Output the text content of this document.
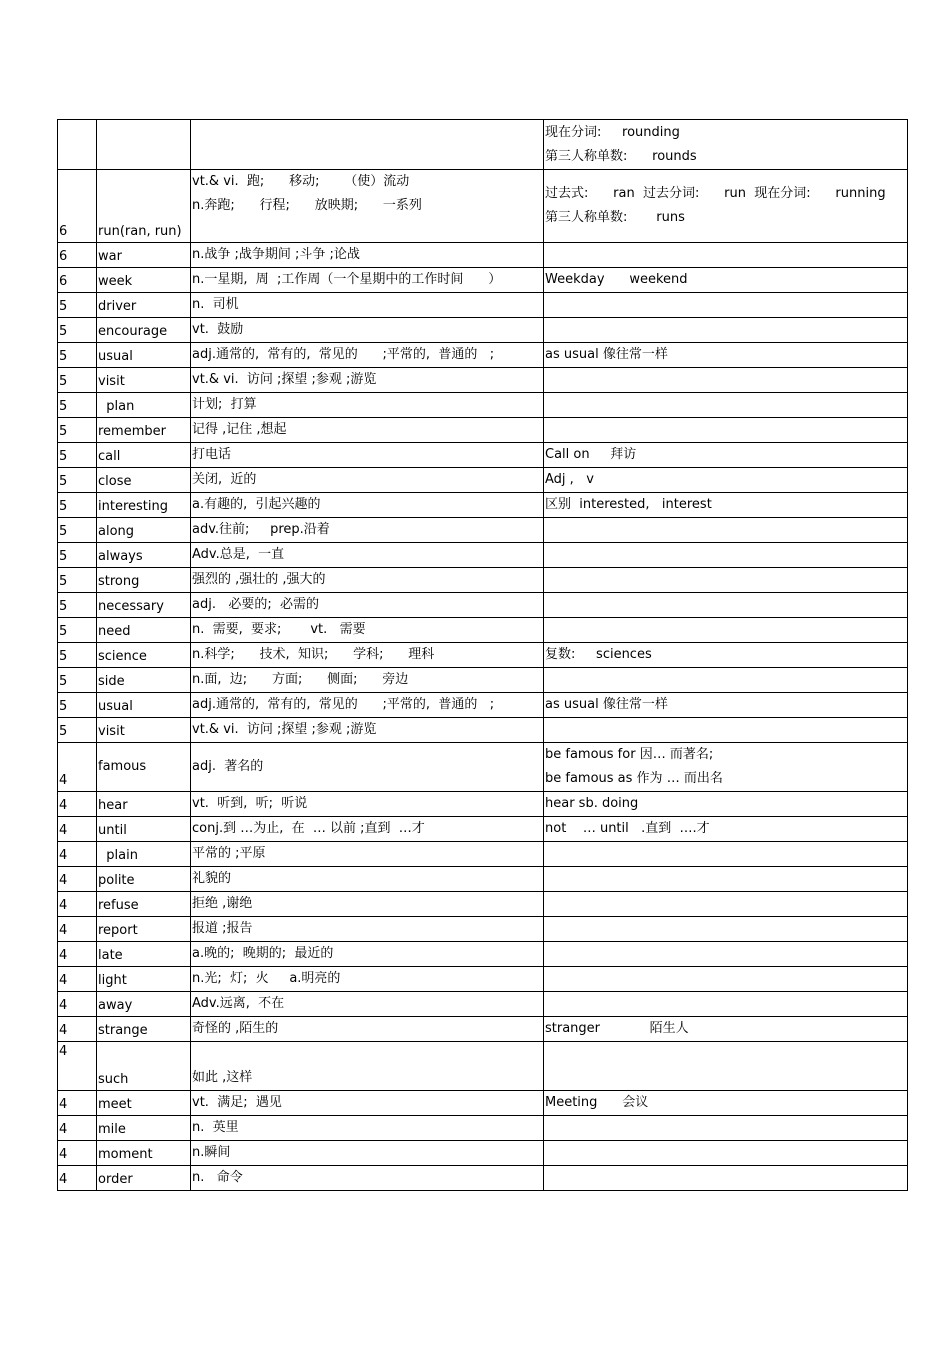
			现在分词:     rounding
第三人称单数:      rounds

6	run(ran, run)	vt.& vi.  跑;      移动;      （使）流动
n.奔跑;      行程;      放映期;      一系列	过去式:      ran  过去分词:      run  现在分词:      running
第三人称单数:       runs

6	war	n.战争 ;战争期间 ;斗争 ;论战	

6	week	n.一星期,  周  ;工作周（一个星期中的工作时间      ）	Weekday      weekend

5	driver	n.  司机	

5	encourage	vt.  鼓励	

5	usual	adj.通常的,  常有的,  常见的      ;平常的,  普通的   ;	as usual 像往常一样

5	visit	vt.& vi.  访问 ;探望 ;参观 ;游览	

5	plan	计划;  打算	

5	remember	记得 ,记住 ,想起	

5	call	打电话	Call on     拜访

5	close	关闭,  近的	Adj ,   v

5	interesting	a.有趣的,  引起兴趣的	区别  interested,   interest

5	along	adv.往前;     prep.沿着	

5	always	Adv.总是,  一直	

5	strong	强烈的 ,强壮的 ,强大的	

5	necessary	adj.   必要的;  必需的	

5	need	n.  需要,  要求;       vt.   需要	

5	science	n.科学;      技术,  知识;      学科;      理科	复数:     sciences

5	side	n.面,  边;      方面;      侧面;      旁边	

5	usual	adj.通常的,  常有的,  常见的      ;平常的,  普通的   ;	as usual 像往常一样

5	visit	vt.& vi.  访问 ;探望 ;参观 ;游览	

4	famous	adj.  著名的	be famous for 因… 而著名;
be famous as 作为 … 而出名

4	hear	vt.  听到,  听;  听说	hear sb. doing

4	until	conj.到 …为止,  在  … 以前 ;直到  …才	not    … until   .直到  ….才

4	plain	平常的 ;平原	

4	polite	礼貌的	

4	refuse	拒绝 ,谢绝	

4	report	报道 ;报告	

4	late	a.晚的;  晚期的;  最近的	

4	light	n.光;  灯;  火     a.明亮的	

4	away	Adv.远离,  不在	

4	strange	奇怪的 ,陌生的	stranger            陌生人

4	such	如此 ,这样	

4	meet	vt.  满足;  遇见	Meeting      会议

4	mile	n.  英里	

4	moment	n.瞬间	

4	order	n.   命令	
